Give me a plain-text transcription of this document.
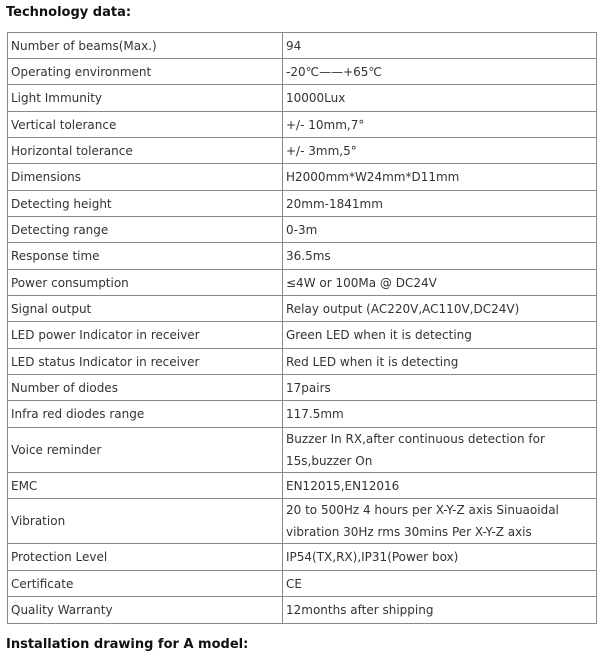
Technology data:
Number of beams(Max.)	94
Operating environment	-20℃——+65℃
Light Immunity	10000Lux
Vertical tolerance	+/- 10mm,7°
Horizontal tolerance	+/- 3mm,5°
Dimensions	H2000mm*W24mm*D11mm
Detecting height	20mm-1841mm
Detecting range	0-3m
Response time	36.5ms
Power consumption	≤4W or 100Ma @ DC24V
Signal output	Relay output (AC220V,AC110V,DC24V)
LED power Indicator in receiver	Green LED when it is detecting
LED status Indicator in receiver	Red LED when it is detecting
Number of diodes	17pairs
Infra red diodes range	117.5mm
Voice reminder	Buzzer In RX,after continuous detection for 15s,buzzer On
EMC	EN12015,EN12016
Vibration	20 to 500Hz 4 hours per X-Y-Z axis Sinuaoidal vibration 30Hz rms 30mins Per X-Y-Z axis
Protection Level	IP54(TX,RX),IP31(Power box)
Certificate	CE
Quality Warranty	12months after shipping
Installation drawing for A model:
